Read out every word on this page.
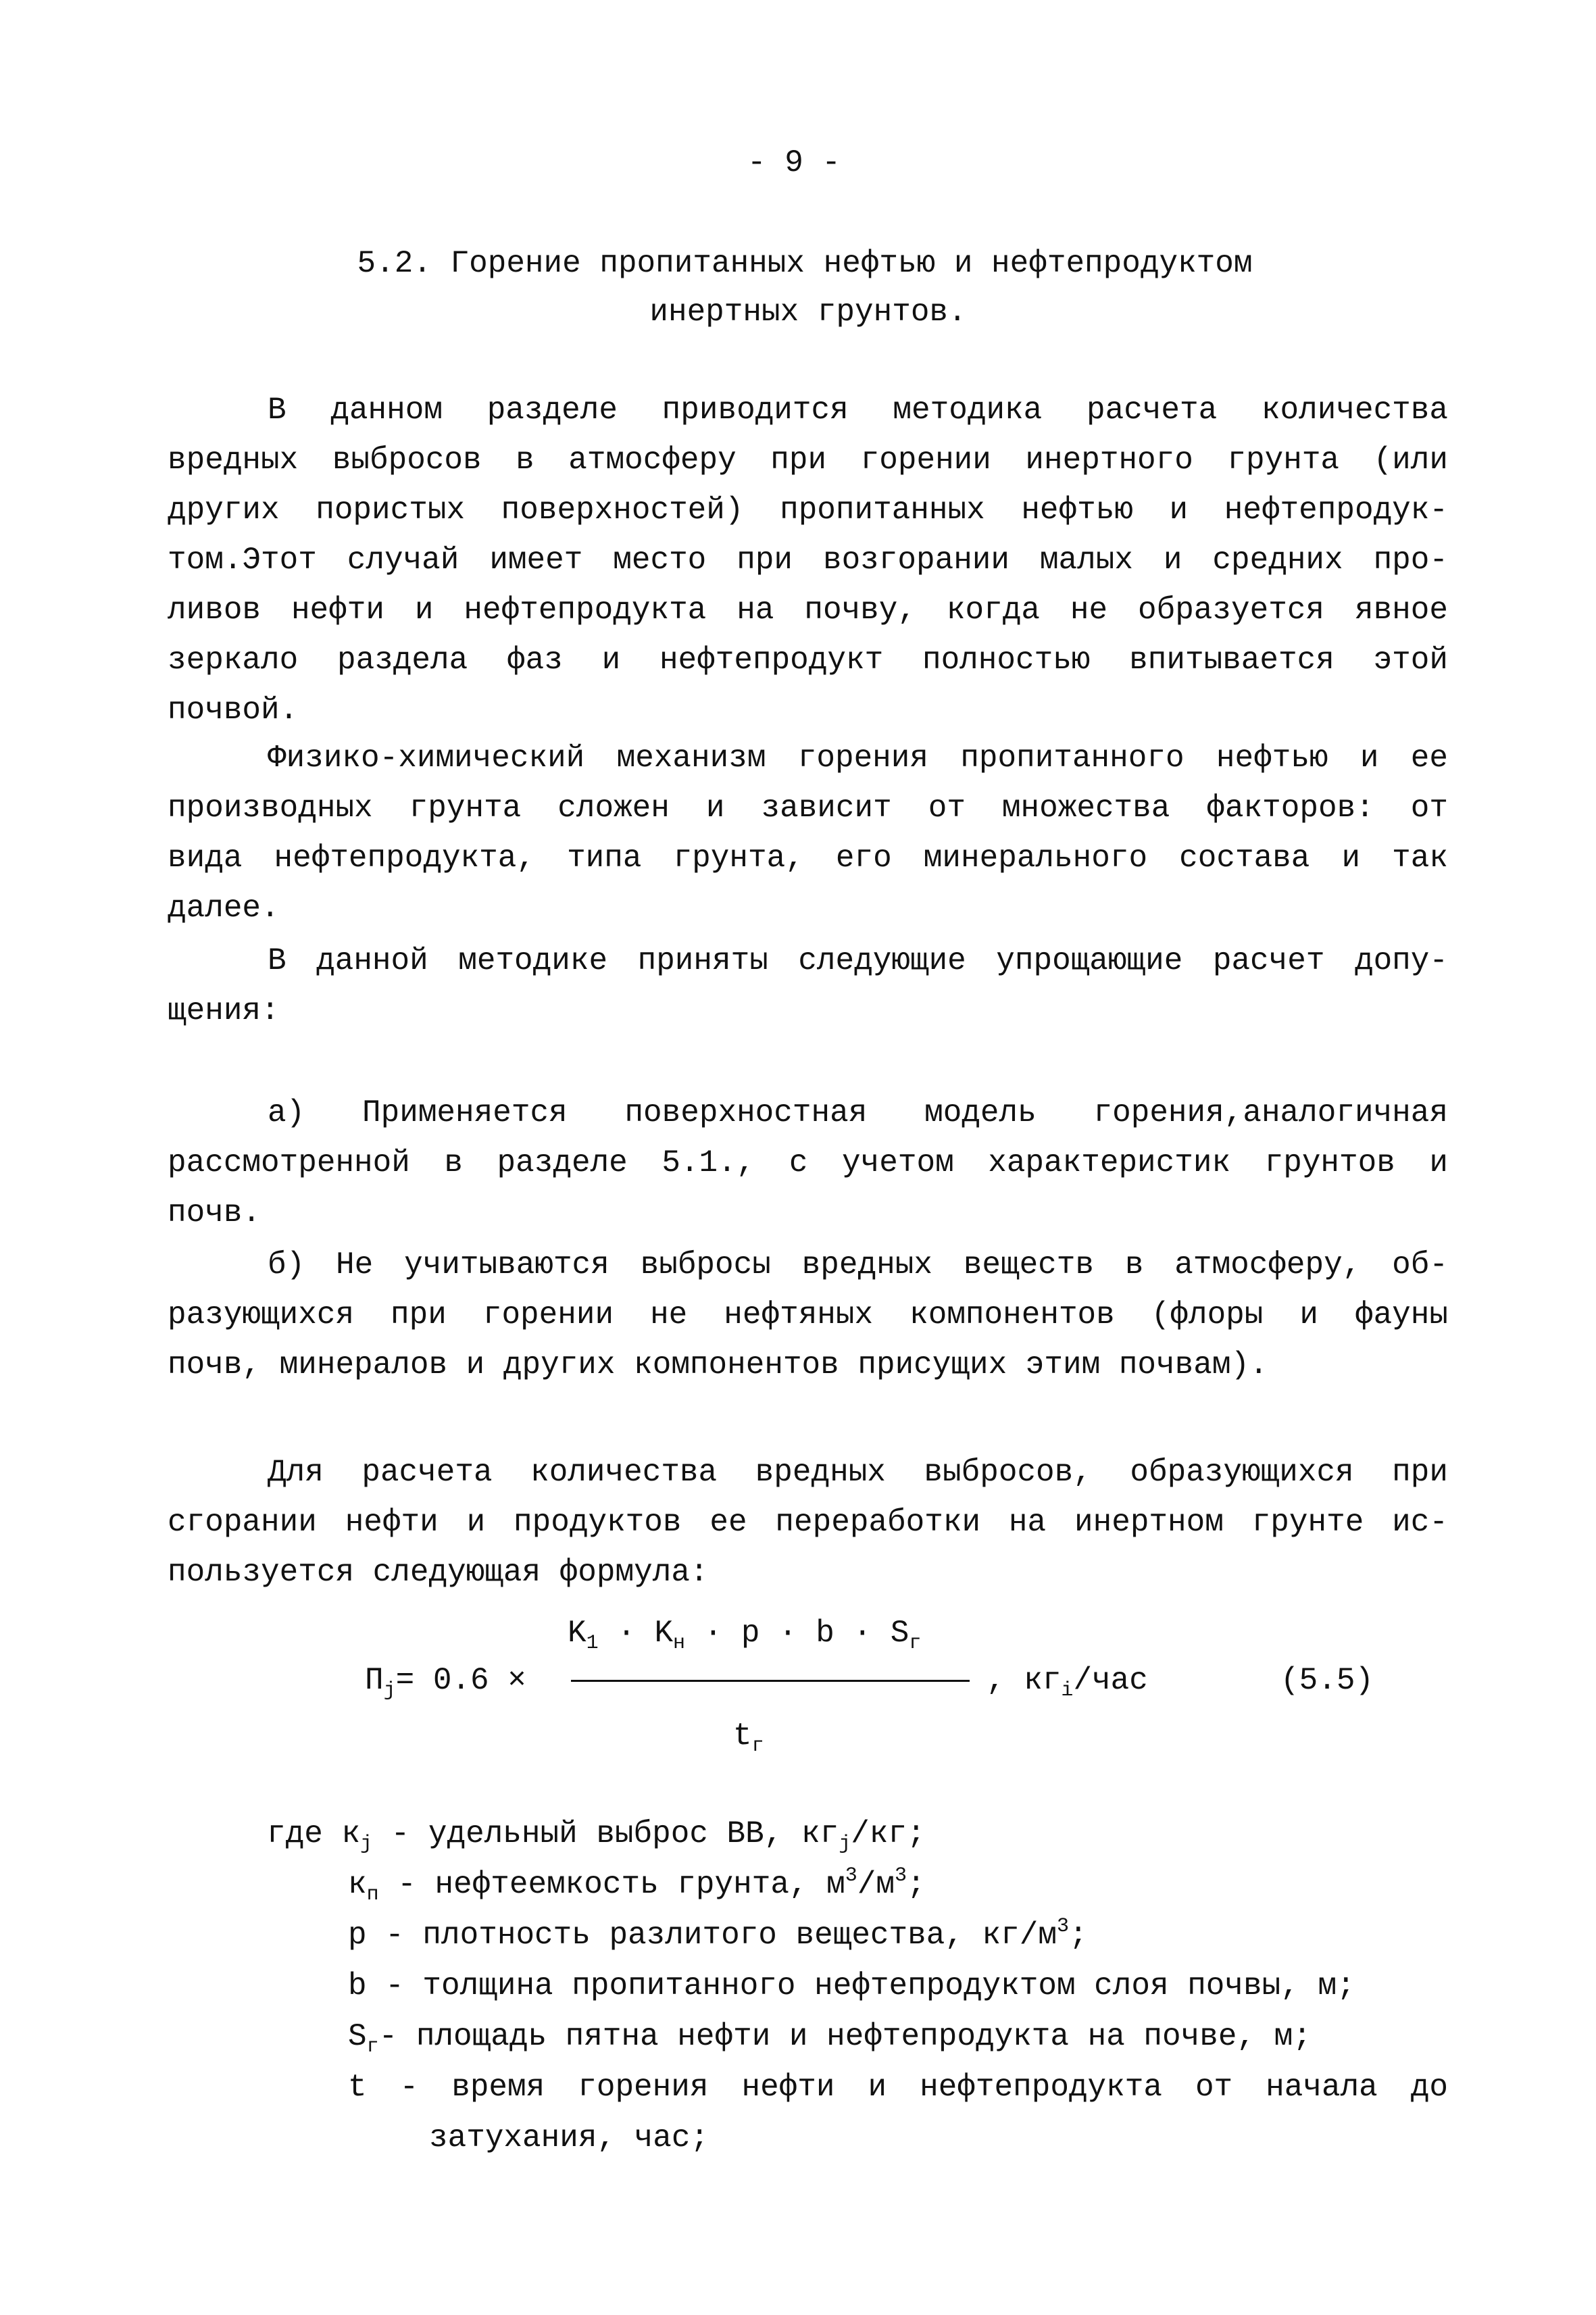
- 9 -
5.2. Горение пропитанных нефтью и нефтепродуктом
инертных грунтов.
В данном разделе приводится методика расчета количества
вредных выбросов в атмосферу при горении инертного грунта (или
других пористых поверхностей) пропитанных нефтью и нефтепродук-
том.Этот случай имеет место при возгорании малых и средних про-
ливов нефти и нефтепродукта на почву, когда не образуется явное
зеркало раздела фаз и нефтепродукт полностью впитывается этой
почвой.
Физико-химический механизм горения пропитанного нефтью и ее
производных грунта сложен и зависит от множества факторов: от
вида нефтепродукта, типа грунта, его минерального состава и так
далее.
В данной методике приняты следующие упрощающие расчет допу-
щения:
а) Применяется поверхностная модель горения,аналогичная
рассмотренной в разделе 5.1., с учетом характеристик грунтов и
почв.
б) Не учитываются выбросы вредных веществ в атмосферу, об-
разующихся при горении не нефтяных компонентов (флоры и фауны
почв, минералов и других компонентов присущих этим почвам).
Для расчета количества вредных выбросов, образующихся при
сгорании нефти и продуктов ее переработки на инертном грунте ис-
пользуется следующая формула:
$K_1 \cdot K_н \cdot p \cdot b \cdot S_г$
$П_j= 0.6$ ×	, $кг_i$/час	(5.5)
$t_г$
где $к_j$ - удельный выброс ВВ, $кг_j/кг$;
$к_п$ - нефтеемкость грунта, $м^3/м^3$;
p - плотность разлитого вещества, $кг/м^3$;
b - толщина пропитанного нефтепродуктом слоя почвы, м;
$S_г-$ площадь пятна нефти и нефтепродукта на почве, м;
t - время горения нефти и нефтепродукта от начала до
затухания, час;
